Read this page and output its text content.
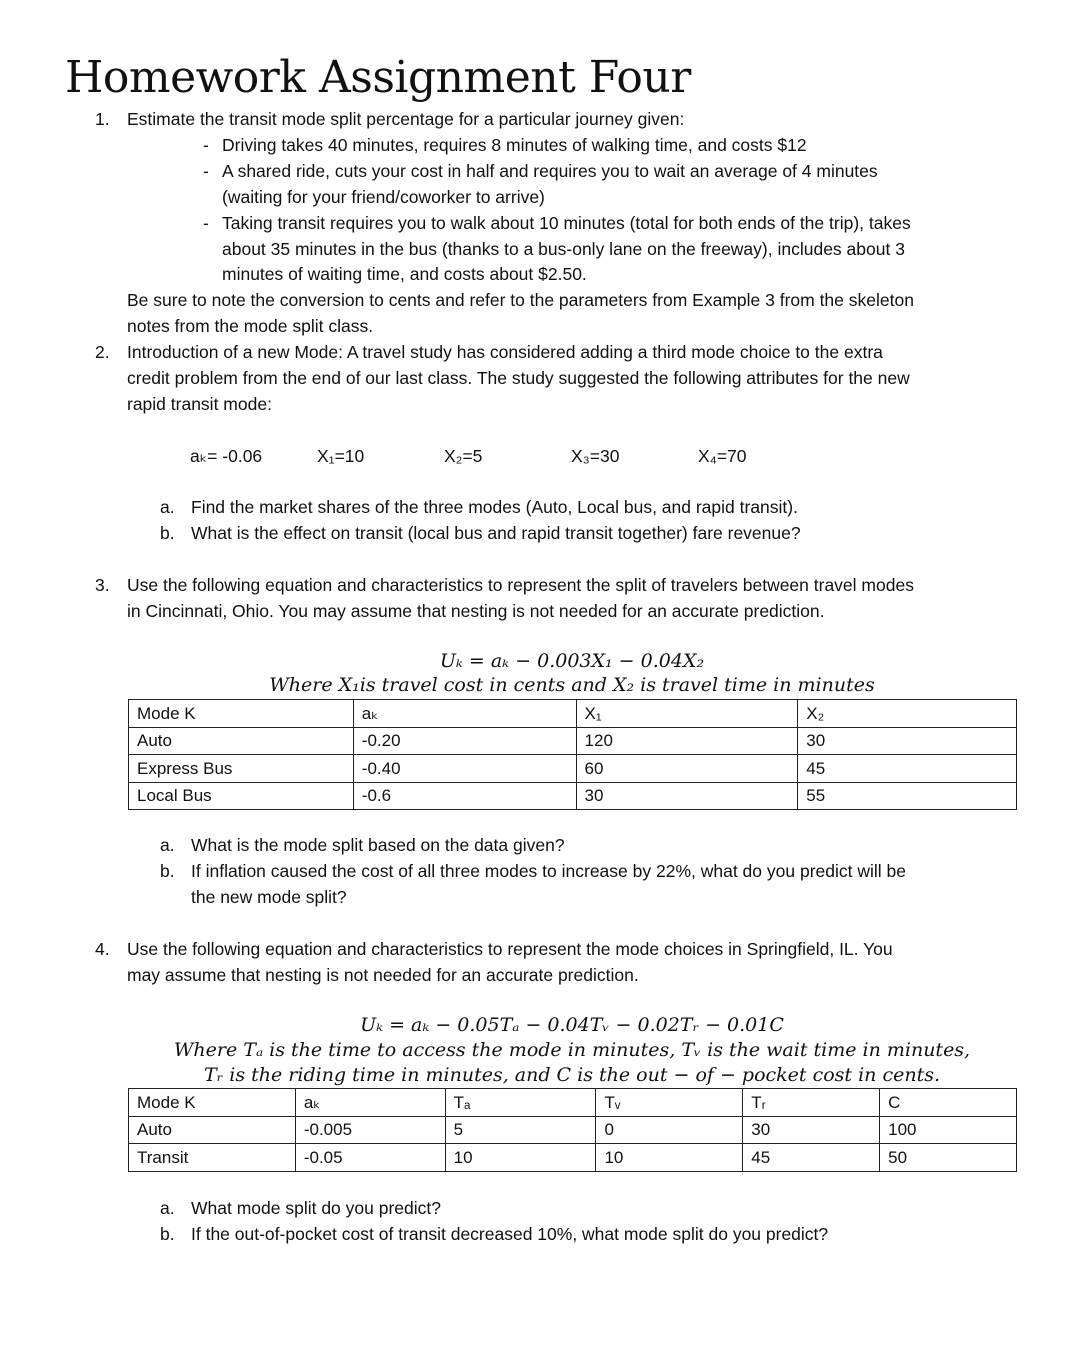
Homework Assignment Four
1. Estimate the transit mode split percentage for a particular journey given:
- Driving takes 40 minutes, requires 8 minutes of walking time, and costs $12
- A shared ride, cuts your cost in half and requires you to wait an average of 4 minutes
(waiting for your friend/coworker to arrive)
- Taking transit requires you to walk about 10 minutes (total for both ends of the trip), takes
about 35 minutes in the bus (thanks to a bus-only lane on the freeway), includes about 3
minutes of waiting time, and costs about $2.50.
Be sure to note the conversion to cents and refer to the parameters from Example 3 from the skeleton
notes from the mode split class.
2. Introduction of a new Mode: A travel study has considered adding a third mode choice to the extra
credit problem from the end of our last class. The study suggested the following attributes for the new
rapid transit mode:
aₖ= -0.06	X₁=10	X₂=5	X₃=30	X₄=70
a. Find the market shares of the three modes (Auto, Local bus, and rapid transit).
b. What is the effect on transit (local bus and rapid transit together) fare revenue?
3. Use the following equation and characteristics to represent the split of travelers between travel modes
in Cincinnati, Ohio. You may assume that nesting is not needed for an accurate prediction.
Uₖ = aₖ − 0.003X₁ − 0.04X₂
Where X₁is travel cost in cents and X₂ is travel time in minutes
Mode K	aₖ	X₁	X₂
Auto	-0.20	120	30
Express Bus	-0.40	60	45
Local Bus	-0.6	30	55
a. What is the mode split based on the data given?
b. If inflation caused the cost of all three modes to increase by 22%, what do you predict will be
the new mode split?
4. Use the following equation and characteristics to represent the mode choices in Springfield, IL. You
may assume that nesting is not needed for an accurate prediction.
Uₖ = aₖ − 0.05Tₐ − 0.04Tᵥ − 0.02Tᵣ − 0.01C
Where Tₐ is the time to access the mode in minutes, Tᵥ is the wait time in minutes,
Tᵣ is the riding time in minutes, and C is the out − of − pocket cost in cents.
Mode K	aₖ	Tₐ	Tᵥ	Tᵣ	C
Auto	-0.005	5	0	30	100
Transit	-0.05	10	10	45	50
a. What mode split do you predict?
b. If the out-of-pocket cost of transit decreased 10%, what mode split do you predict?
